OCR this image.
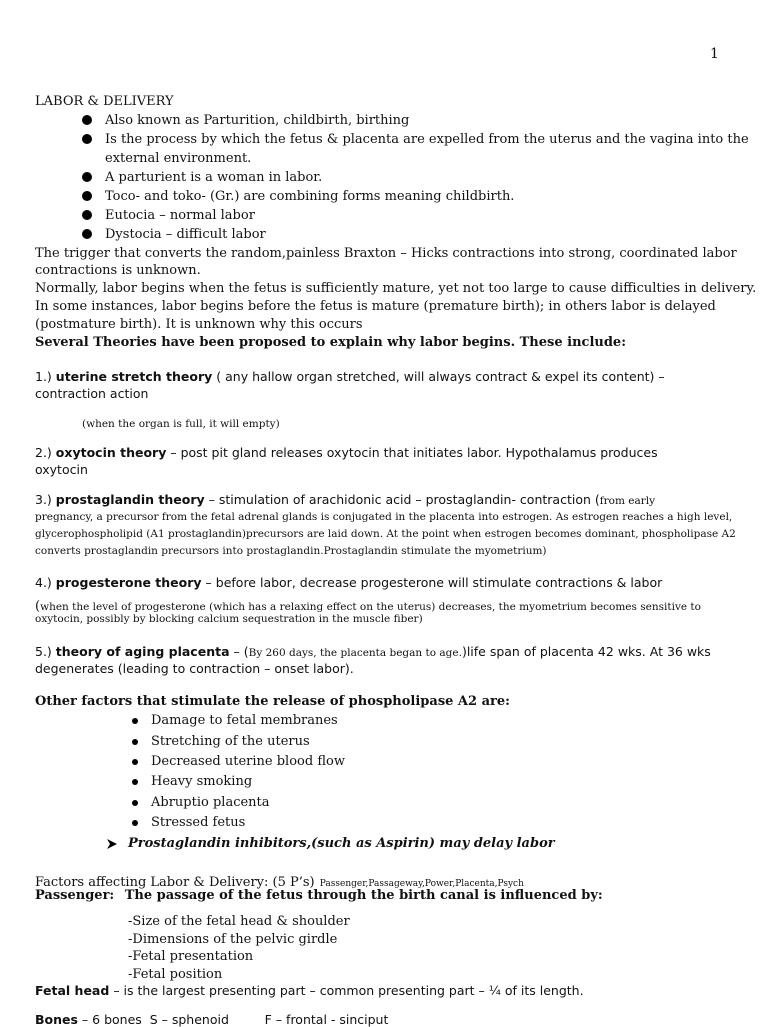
1
LABOR & DELIVERY
Also known as Parturition, childbirth, birthing
Is the process by which the fetus & placenta are expelled from the uterus and the vagina into the
external environment.
A parturient is a woman in labor.
Toco- and toko- (Gr.) are combining forms meaning childbirth.
Eutocia – normal labor
Dystocia – difficult labor
The trigger that converts the random,painless Braxton – Hicks contractions into strong, coordinated labor
contractions is unknown.
Normally, labor begins when the fetus is sufficiently mature, yet not too large to cause difficulties in delivery.
In some instances, labor begins before the fetus is mature (premature birth); in others labor is delayed
(postmature birth). It is unknown why this occurs
Several Theories have been proposed to explain why labor begins. These include:
1.) uterine stretch theory ( any hallow organ stretched, will always contract & expel its content) –
contraction action
(when the organ is full, it will empty)
2.) oxytocin theory – post pit gland releases oxytocin that initiates labor. Hypothalamus produces
oxytocin
3.) prostaglandin theory – stimulation of arachidonic acid – prostaglandin- contraction (from early
pregnancy, a precursor from the fetal adrenal glands is conjugated in the placenta into estrogen. As estrogen reaches a high level,
glycerophospholipid (A1 prostaglandin)precursors are laid down. At the point when estrogen becomes dominant, phospholipase A2
converts prostaglandin precursors into prostaglandin.Prostaglandin stimulate the myometrium)
4.) progesterone theory – before labor, decrease progesterone will stimulate contractions & labor
(when the level of progesterone (which has a relaxing effect on the uterus) decreases, the myometrium becomes sensitive to
oxytocin, possibly by blocking calcium sequestration in the muscle fiber)
5.) theory of aging placenta – (By 260 days, the placenta began to age.)life span of placenta 42 wks. At 36 wks
degenerates (leading to contraction – onset labor).
Other factors that stimulate the release of phospholipase A2 are:
Damage to fetal membranes
Stretching of the uterus
Decreased uterine blood flow
Heavy smoking
Abruptio placenta
Stressed fetus
Prostaglandin inhibitors,(such as Aspirin) may delay labor
Factors affecting Labor & Delivery: (5 P’s) Passenger,Passageway,Power,Placenta,Psych
Passenger: The passage of the fetus through the birth canal is influenced by:
-Size of the fetal head & shoulder
-Dimensions of the pelvic girdle
-Fetal presentation
-Fetal position
Fetal head – is the largest presenting part – common presenting part – ¼ of its length.
Bones – 6 bones  S – sphenoid         F – frontal - sinciput
